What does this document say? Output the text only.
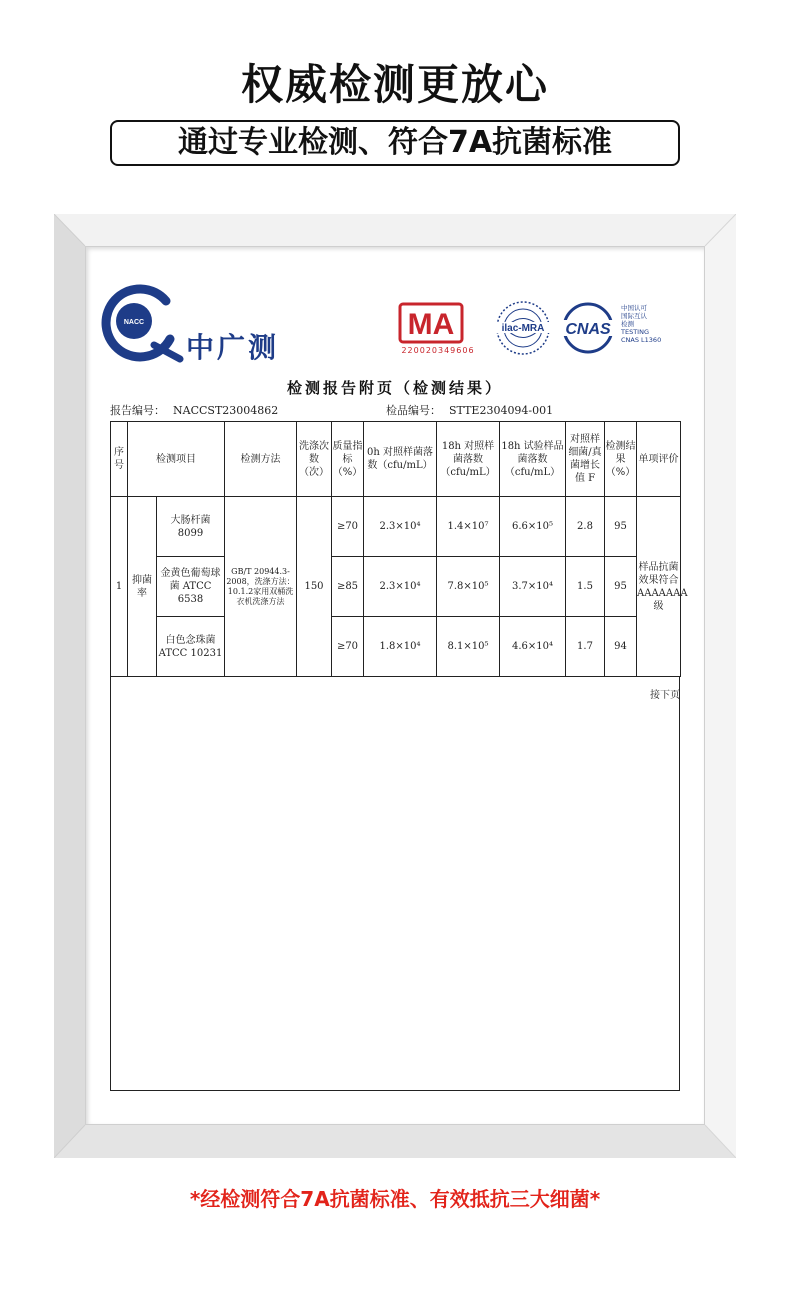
权威检测更放心
通过专业检测、符合7A抗菌标准
NACC
中广测
MA
220020349606
ilac-MRA CNAS
中国认可
国际互认
检测
TESTING
CNAS L1360
检测报告附页（检测结果）
报告编号： NACCST23004862	检品编号： STTE2304094-001
序号	检测项目		检测方法	洗涤次数（次）	质量指标（%）	0h 对照样菌落数（cfu/mL）	18h 对照样菌落数（cfu/mL）	18h 试验样品菌落数（cfu/mL）	对照样细菌/真菌增长值 F	检测结果（%）	单项评价
1	抑菌率	大肠杆菌 8099	GB/T 20944.3-2008，洗涤方法：10.1.2家用双桶洗衣机洗涤方法	150	≥70	2.3×10⁴	1.4×10⁷	6.6×10⁵	2.8	95	样品抗菌效果符合AAAAAAA级
		金黄色葡萄球菌 ATCC 6538			≥85	2.3×10⁴	7.8×10⁵	3.7×10⁴	1.5	95	
		白色念珠菌 ATCC 10231			≥70	1.8×10⁴	8.1×10⁵	4.6×10⁴	1.7	94	
接下页
*经检测符合7A抗菌标准、有效抵抗三大细菌*
